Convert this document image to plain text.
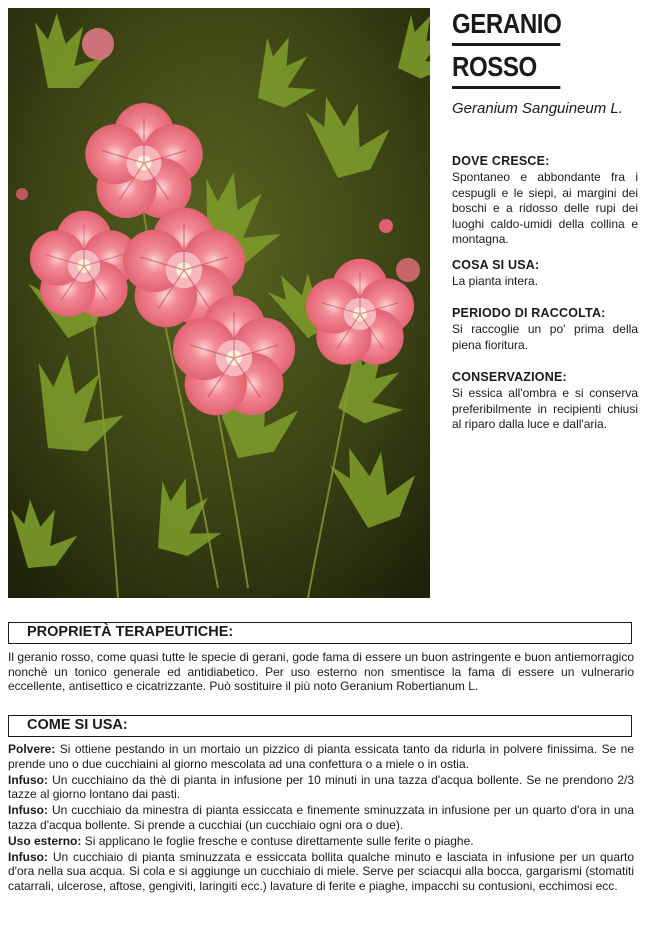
GERANIO
ROSSO
Geranium Sanguineum L.
DOVE CRESCE:

Spontaneo e abbondante fra i cespugli e le siepi, ai margini dei boschi e a ridosso delle rupi dei luoghi caldo-umidi della collina e montagna.

COSA SI USA:

La pianta intera.

PERIODO DI RACCOLTA:

Si raccoglie un po' prima della piena fioritura.

CONSERVAZIONE:

Si essica all'ombra e si conserva preferibilmente in recipienti chiusi al riparo dalla luce e dall'aria.

PROPRIETÀ TERAPEUTICHE:

Il geranio rosso, come quasi tutte le specie di gerani, gode fama di essere un buon astringente e buon antiemorragico nonchè un tonico generale ed antidiabetico. Per uso esterno non smentisce la fama di essere un vulnerario eccellente, antisettico e cicatrizzante. Può sostituire il più noto Geranium Robertianum L.

COME SI USA:

Polvere: Si ottiene pestando in un mortaio un pizzico di pianta essicata tanto da ridurla in polvere finissima. Se ne prende uno o due cucchiaini al giorno mescolata ad una confettura o a miele o in ostia.

Infuso: Un cucchiaino da thè di pianta in infusione per 10 minuti in una tazza d'acqua bollente. Se ne prendono 2/3 tazze al giorno lontano dai pasti.

Infuso: Un cucchiaio da minestra di pianta essiccata e finemente sminuzzata in infusione per un quarto d'ora in una tazza d'acqua bollente. Si prende a cucchiai (un cucchiaio ogni ora o due).

Uso esterno: Si applicano le foglie fresche e contuse direttamente sulle ferite o piaghe.

Infuso: Un cucchiaio di pianta sminuzzata e essiccata bollita qualche minuto e lasciata in infusione per un quarto d'ora nella sua acqua. Si cola e si aggiunge un cucchiaio di miele. Serve per sciacqui alla bocca, gargarismi (stomatiti catarrali, ulcerose, aftose, gengiviti, laringiti ecc.) lavature di ferite e piaghe, impacchi su contusioni, ecchimosi ecc.
